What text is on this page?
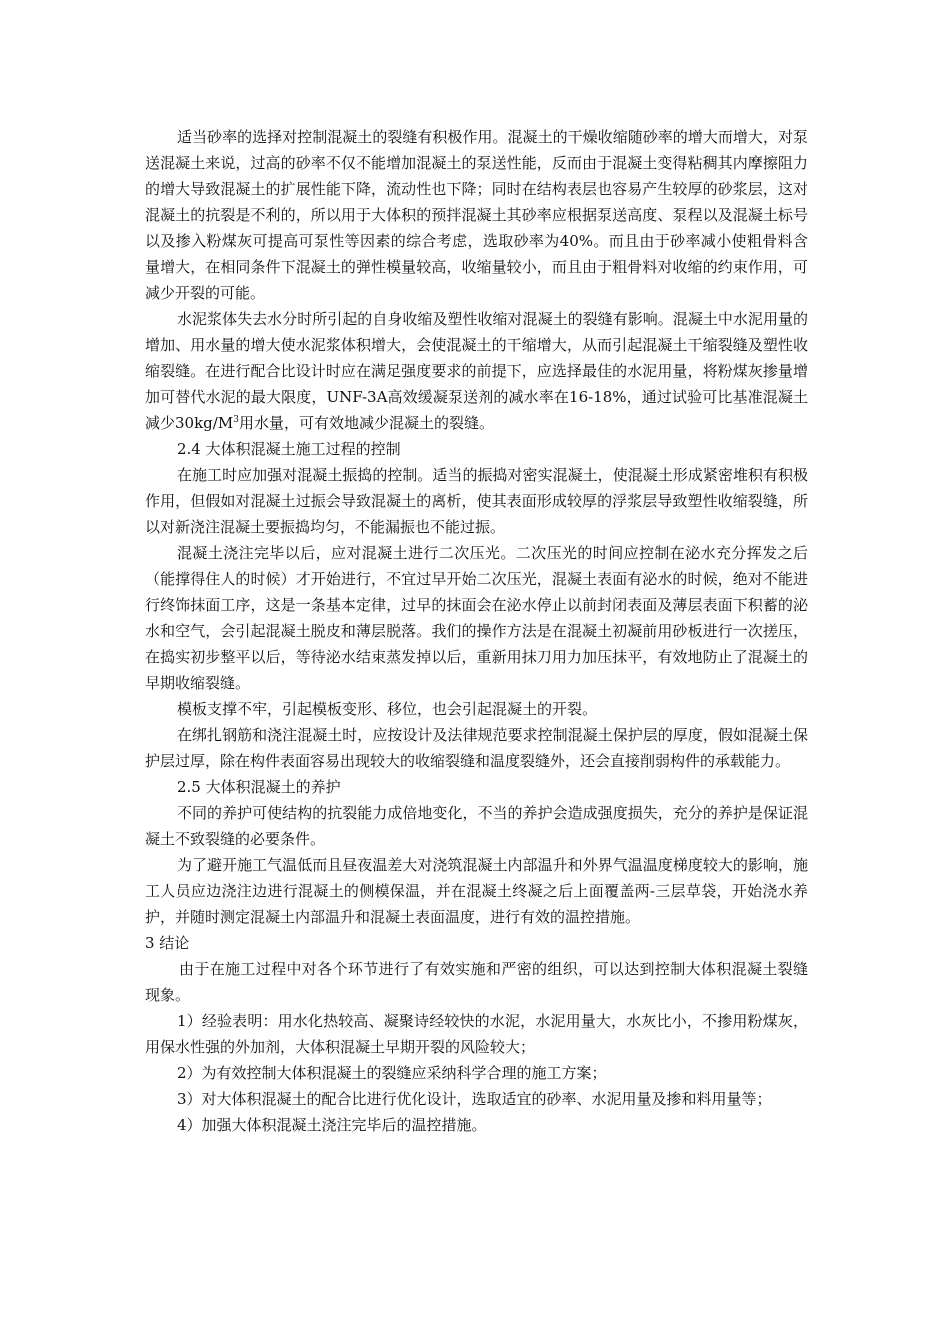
适当砂率的选择对控制混凝土的裂缝有积极作用。混凝土的干燥收缩随砂率的增大而增大，对泵送混凝土来说，过高的砂率不仅不能增加混凝土的泵送性能，反而由于混凝土变得粘稠其内摩擦阻力的增大导致混凝土的扩展性能下降，流动性也下降；同时在结构表层也容易产生较厚的砂浆层，这对混凝土的抗裂是不利的，所以用于大体积的预拌混凝土其砂率应根据泵送高度、泵程以及混凝土标号以及掺入粉煤灰可提高可泵性等因素的综合考虑，选取砂率为40%。而且由于砂率减小使粗骨料含量增大，在相同条件下混凝土的弹性模量较高，收缩量较小，而且由于粗骨料对收缩的约束作用，可减少开裂的可能。

水泥浆体失去水分时所引起的自身收缩及塑性收缩对混凝土的裂缝有影响。混凝土中水泥用量的增加、用水量的增大使水泥浆体积增大，会使混凝土的干缩增大，从而引起混凝土干缩裂缝及塑性收缩裂缝。在进行配合比设计时应在满足强度要求的前提下，应选择最佳的水泥用量，将粉煤灰掺量增加可替代水泥的最大限度，UNF-3A高效缓凝泵送剂的减水率在16-18%，通过试验可比基准混凝土减少$30kg/M^3$用水量，可有效地减少混凝土的裂缝。

2.4 大体积混凝土施工过程的控制

在施工时应加强对混凝土振捣的控制。适当的振捣对密实混凝土，使混凝土形成紧密堆积有积极作用，但假如对混凝土过振会导致混凝土的离析，使其表面形成较厚的浮浆层导致塑性收缩裂缝，所以对新浇注混凝土要振捣均匀，不能漏振也不能过振。

混凝土浇注完毕以后，应对混凝土进行二次压光。二次压光的时间应控制在泌水充分挥发之后（能撑得住人的时候）才开始进行，不宜过早开始二次压光，混凝土表面有泌水的时候，绝对不能进行终饰抹面工序，这是一条基本定律，过早的抹面会在泌水停止以前封闭表面及薄层表面下积蓄的泌水和空气，会引起混凝土脱皮和薄层脱落。我们的操作方法是在混凝土初凝前用砂板进行一次搓压，在捣实初步整平以后，等待泌水结束蒸发掉以后，重新用抹刀用力加压抹平，有效地防止了混凝土的早期收缩裂缝。

模板支撑不牢，引起模板变形、移位，也会引起混凝土的开裂。

在绑扎钢筋和浇注混凝土时，应按设计及法律规范要求控制混凝土保护层的厚度，假如混凝土保护层过厚，除在构件表面容易出现较大的收缩裂缝和温度裂缝外，还会直接削弱构件的承载能力。

2.5 大体积混凝土的养护

不同的养护可使结构的抗裂能力成倍地变化，不当的养护会造成强度损失，充分的养护是保证混凝土不致裂缝的必要条件。

为了避开施工气温低而且昼夜温差大对浇筑混凝土内部温升和外界气温温度梯度较大的影响，施工人员应边浇注边进行混凝土的侧模保温，并在混凝土终凝之后上面覆盖两-三层草袋，开始浇水养护，并随时测定混凝土内部温升和混凝土表面温度，进行有效的温控措施。

3 结论

由于在施工过程中对各个环节进行了有效实施和严密的组织，可以达到控制大体积混凝土裂缝现象。

1）经验表明：用水化热较高、凝聚诗经较快的水泥，水泥用量大，水灰比小，不掺用粉煤灰，用保水性强的外加剂，大体积混凝土早期开裂的风险较大；

2）为有效控制大体积混凝土的裂缝应采纳科学合理的施工方案；

3）对大体积混凝土的配合比进行优化设计，选取适宜的砂率、水泥用量及掺和料用量等；

4）加强大体积混凝土浇注完毕后的温控措施。
